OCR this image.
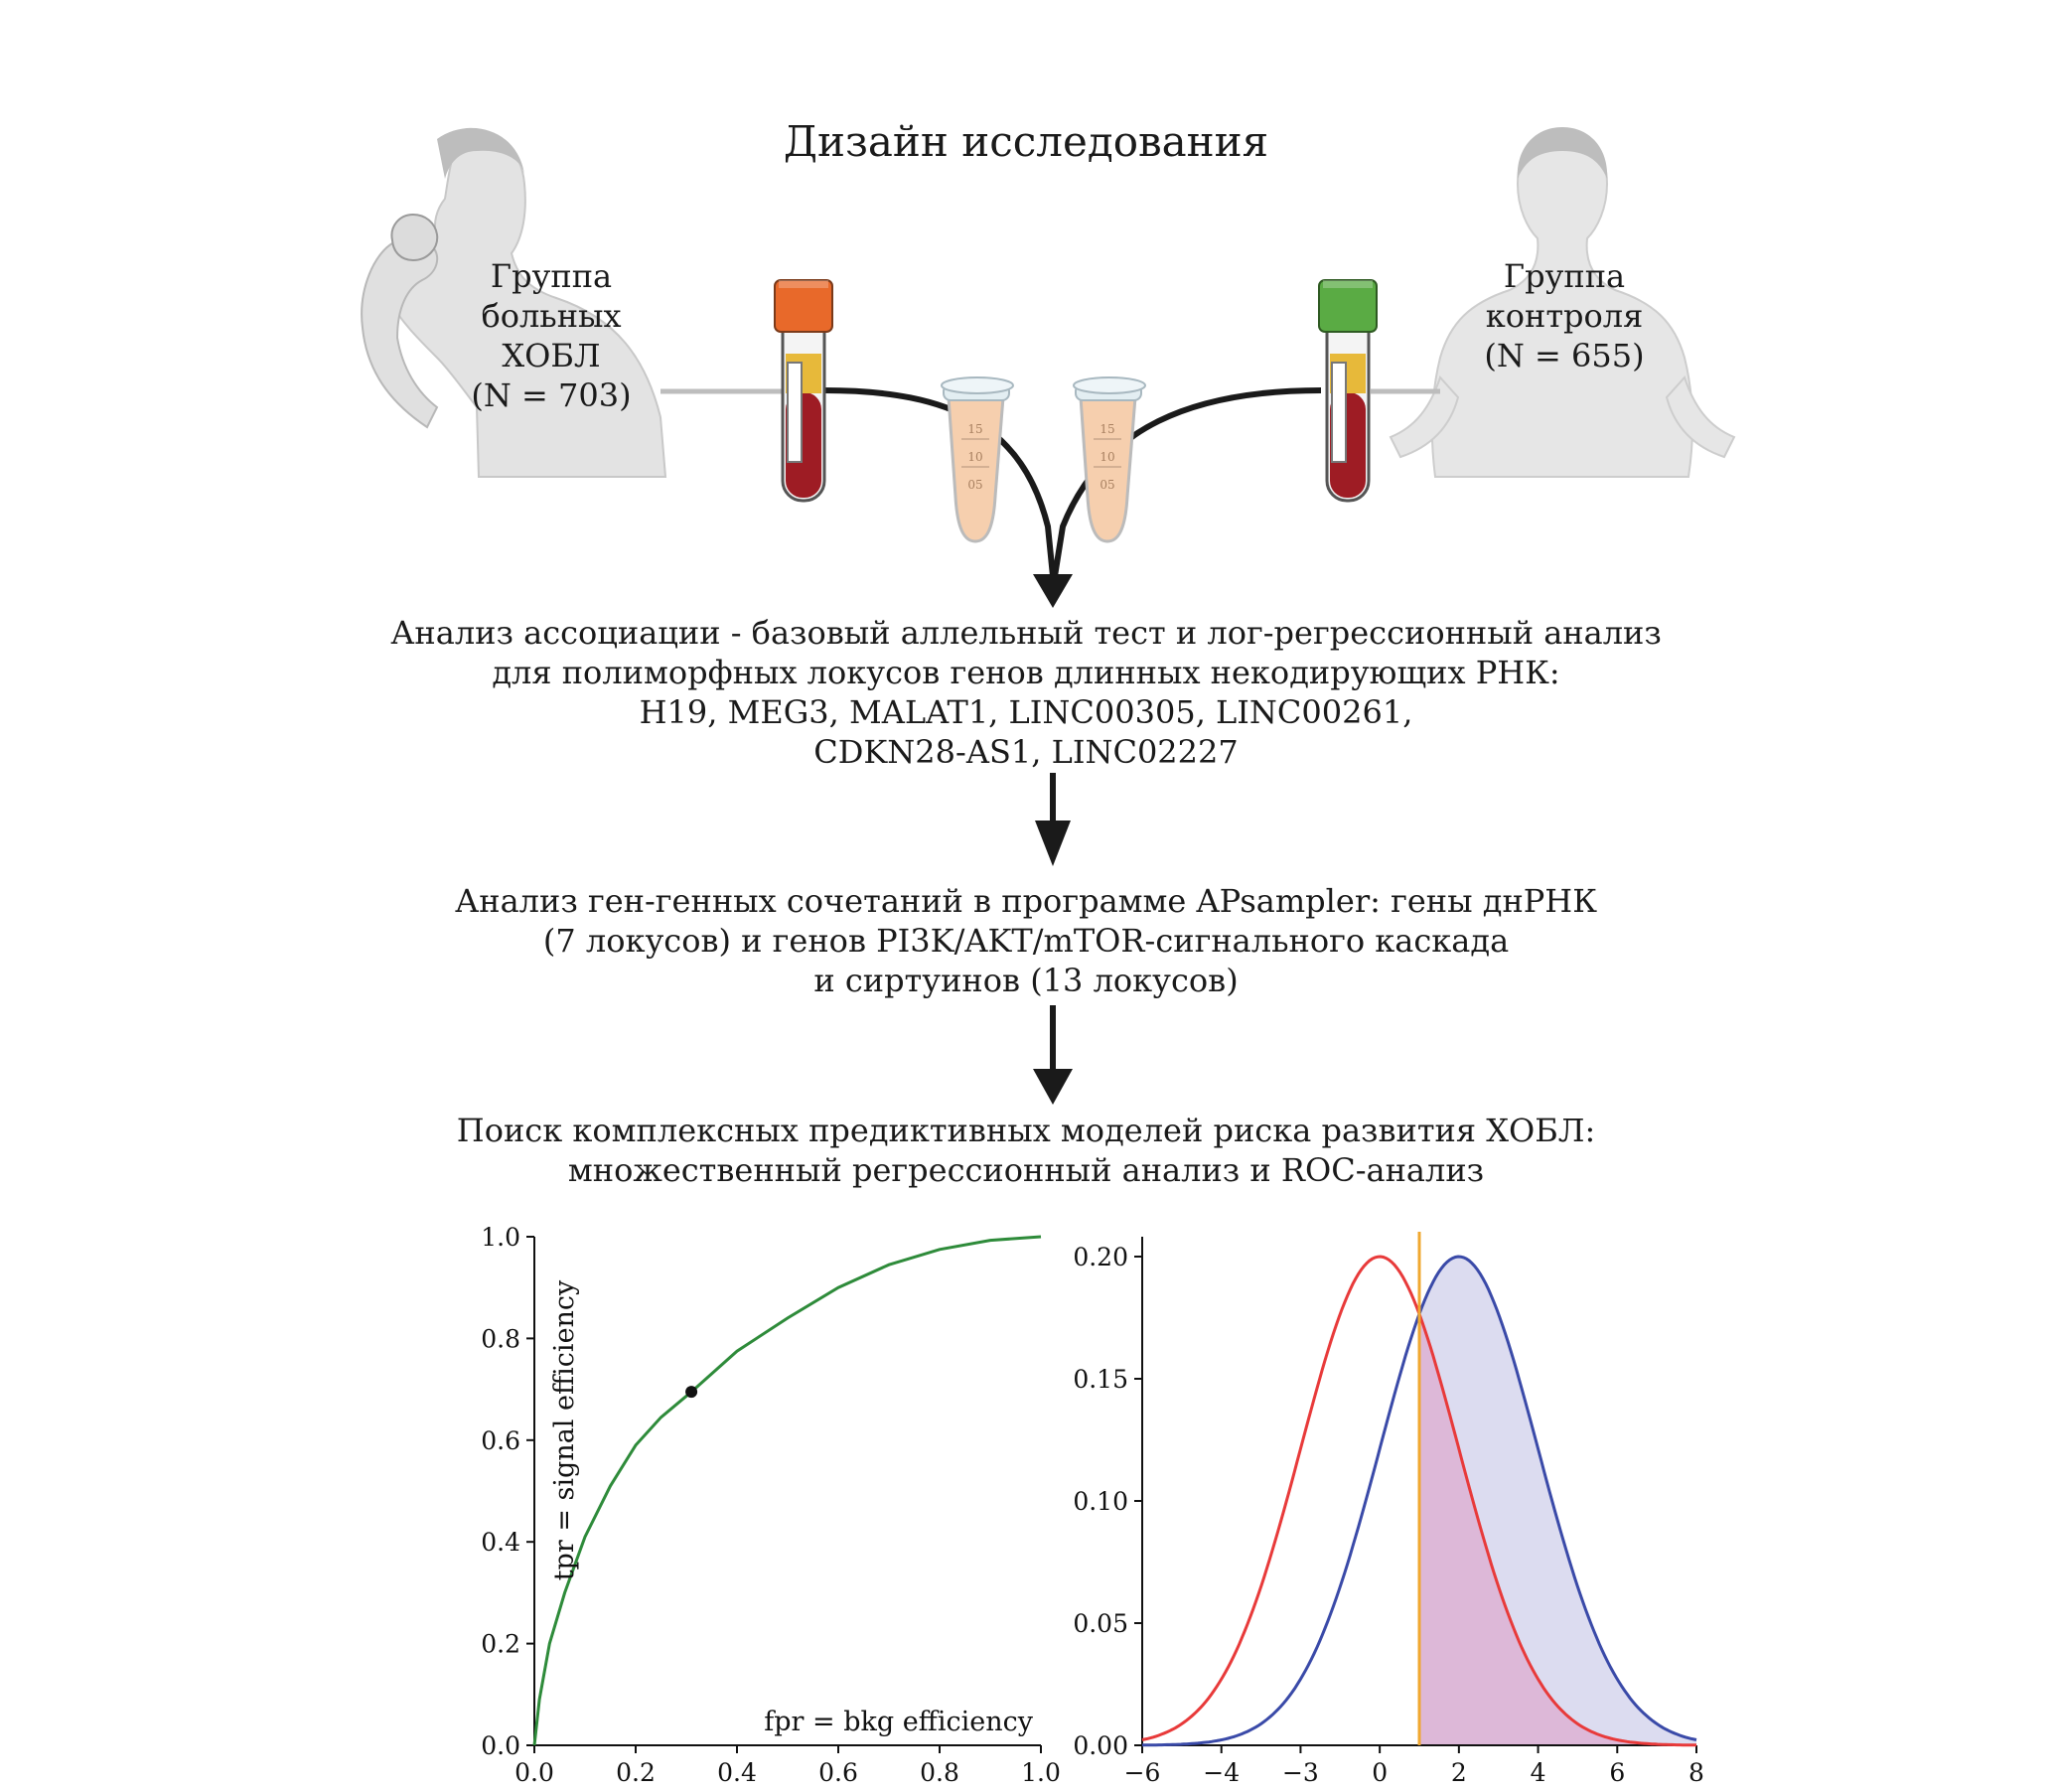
Дизайн исследования
15
10
05
15
10
05
Группа
больных
ХОБЛ
(N = 703)
Группа
контроля
(N = 655)
Анализ ассоциации - базовый аллельный тест и лог-регрессионный анализ
для полиморфных локусов генов длинных некодирующих РНК:
H19, MEG3, MALAT1, LINC00305, LINC00261,
CDKN28-AS1, LINC02227
Анализ ген-генных сочетаний в программе APsampler: гены днРНК
(7 локусов) и генов PI3K/AKT/mTOR-сигнального каскада
и сиртуинов (13 локусов)
Поиск комплексных предиктивных моделей риска развития ХОБЛ:
множественный регрессионный анализ и ROC-анализ
0.0 0.2 0.4 0.6 0.8 1.0
0.0
0.2
0.4
0.6
0.8
1.0
tpr = signal efficiency
fpr = bkg efficiency
−6 −4 −3 0	2	4	6	8
0.00
0.05
0.10
0.15
0.20
